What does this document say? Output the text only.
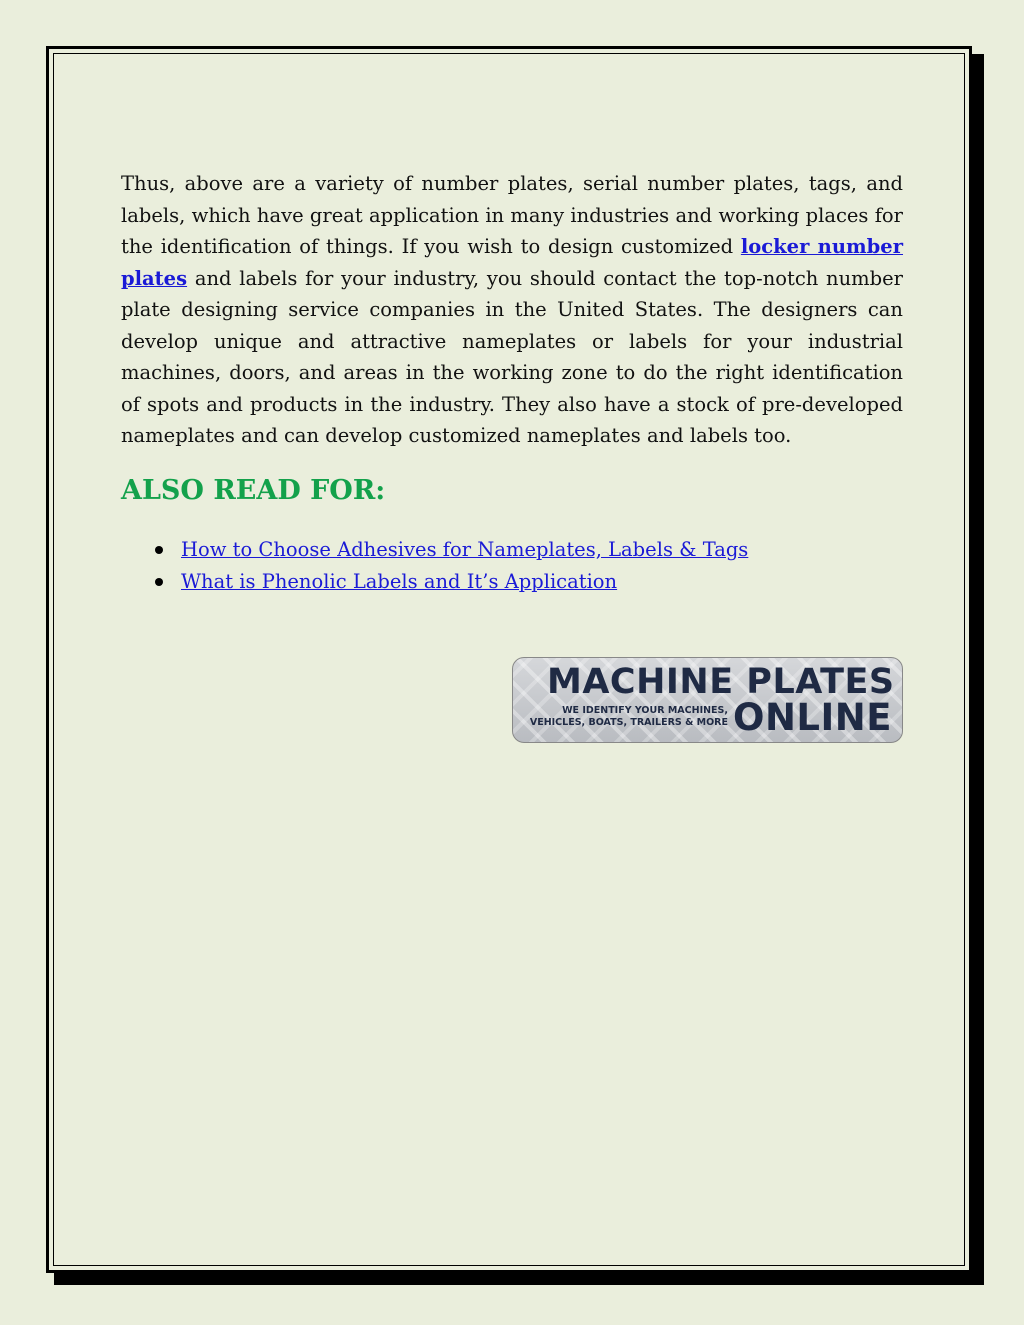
Thus, above are a variety of number plates, serial number plates, tags, and labels, which have great application in many industries and working places for the identification of things. If you wish to design customized locker number plates and labels for your industry, you should contact the top-notch number plate designing service companies in the United States. The designers can develop unique and attractive nameplates or labels for your industrial machines, doors, and areas in the working zone to do the right identification of spots and products in the industry. They also have a stock of pre-developed nameplates and can develop customized nameplates and labels too.

ALSO READ FOR:
How to Choose Adhesives for Nameplates, Labels & Tags
What is Phenolic Labels and It’s Application
MACHINE PLATES
WE IDENTIFY YOUR MACHINES,
VEHICLES, BOATS, TRAILERS & MORE ONLINE
